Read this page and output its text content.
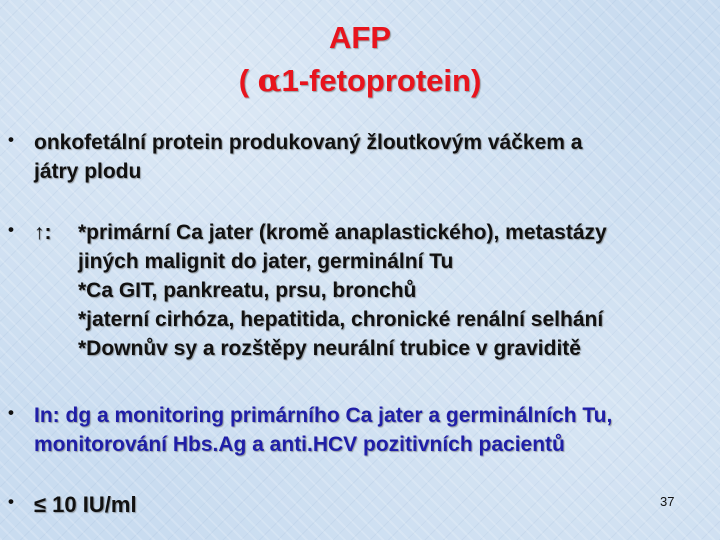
AFP
( α1-fetoprotein)
• onkofetální protein produkovaný žloutkovým váčkem a
játry plodu
• ↑: *primární Ca jater (kromě anaplastického), metastázy
jiných malignit do jater, germinální Tu
*Ca GIT, pankreatu, prsu, bronchů
*jaterní cirhóza, hepatitida, chronické renální selhání
*Downův sy a rozštěpy neurální trubice v graviditě
• In: dg a monitoring primárního Ca jater a germinálních Tu,
monitorování Hbs.Ag a anti.HCV pozitivních pacientů
• ≤ 10 IU/ml	37
